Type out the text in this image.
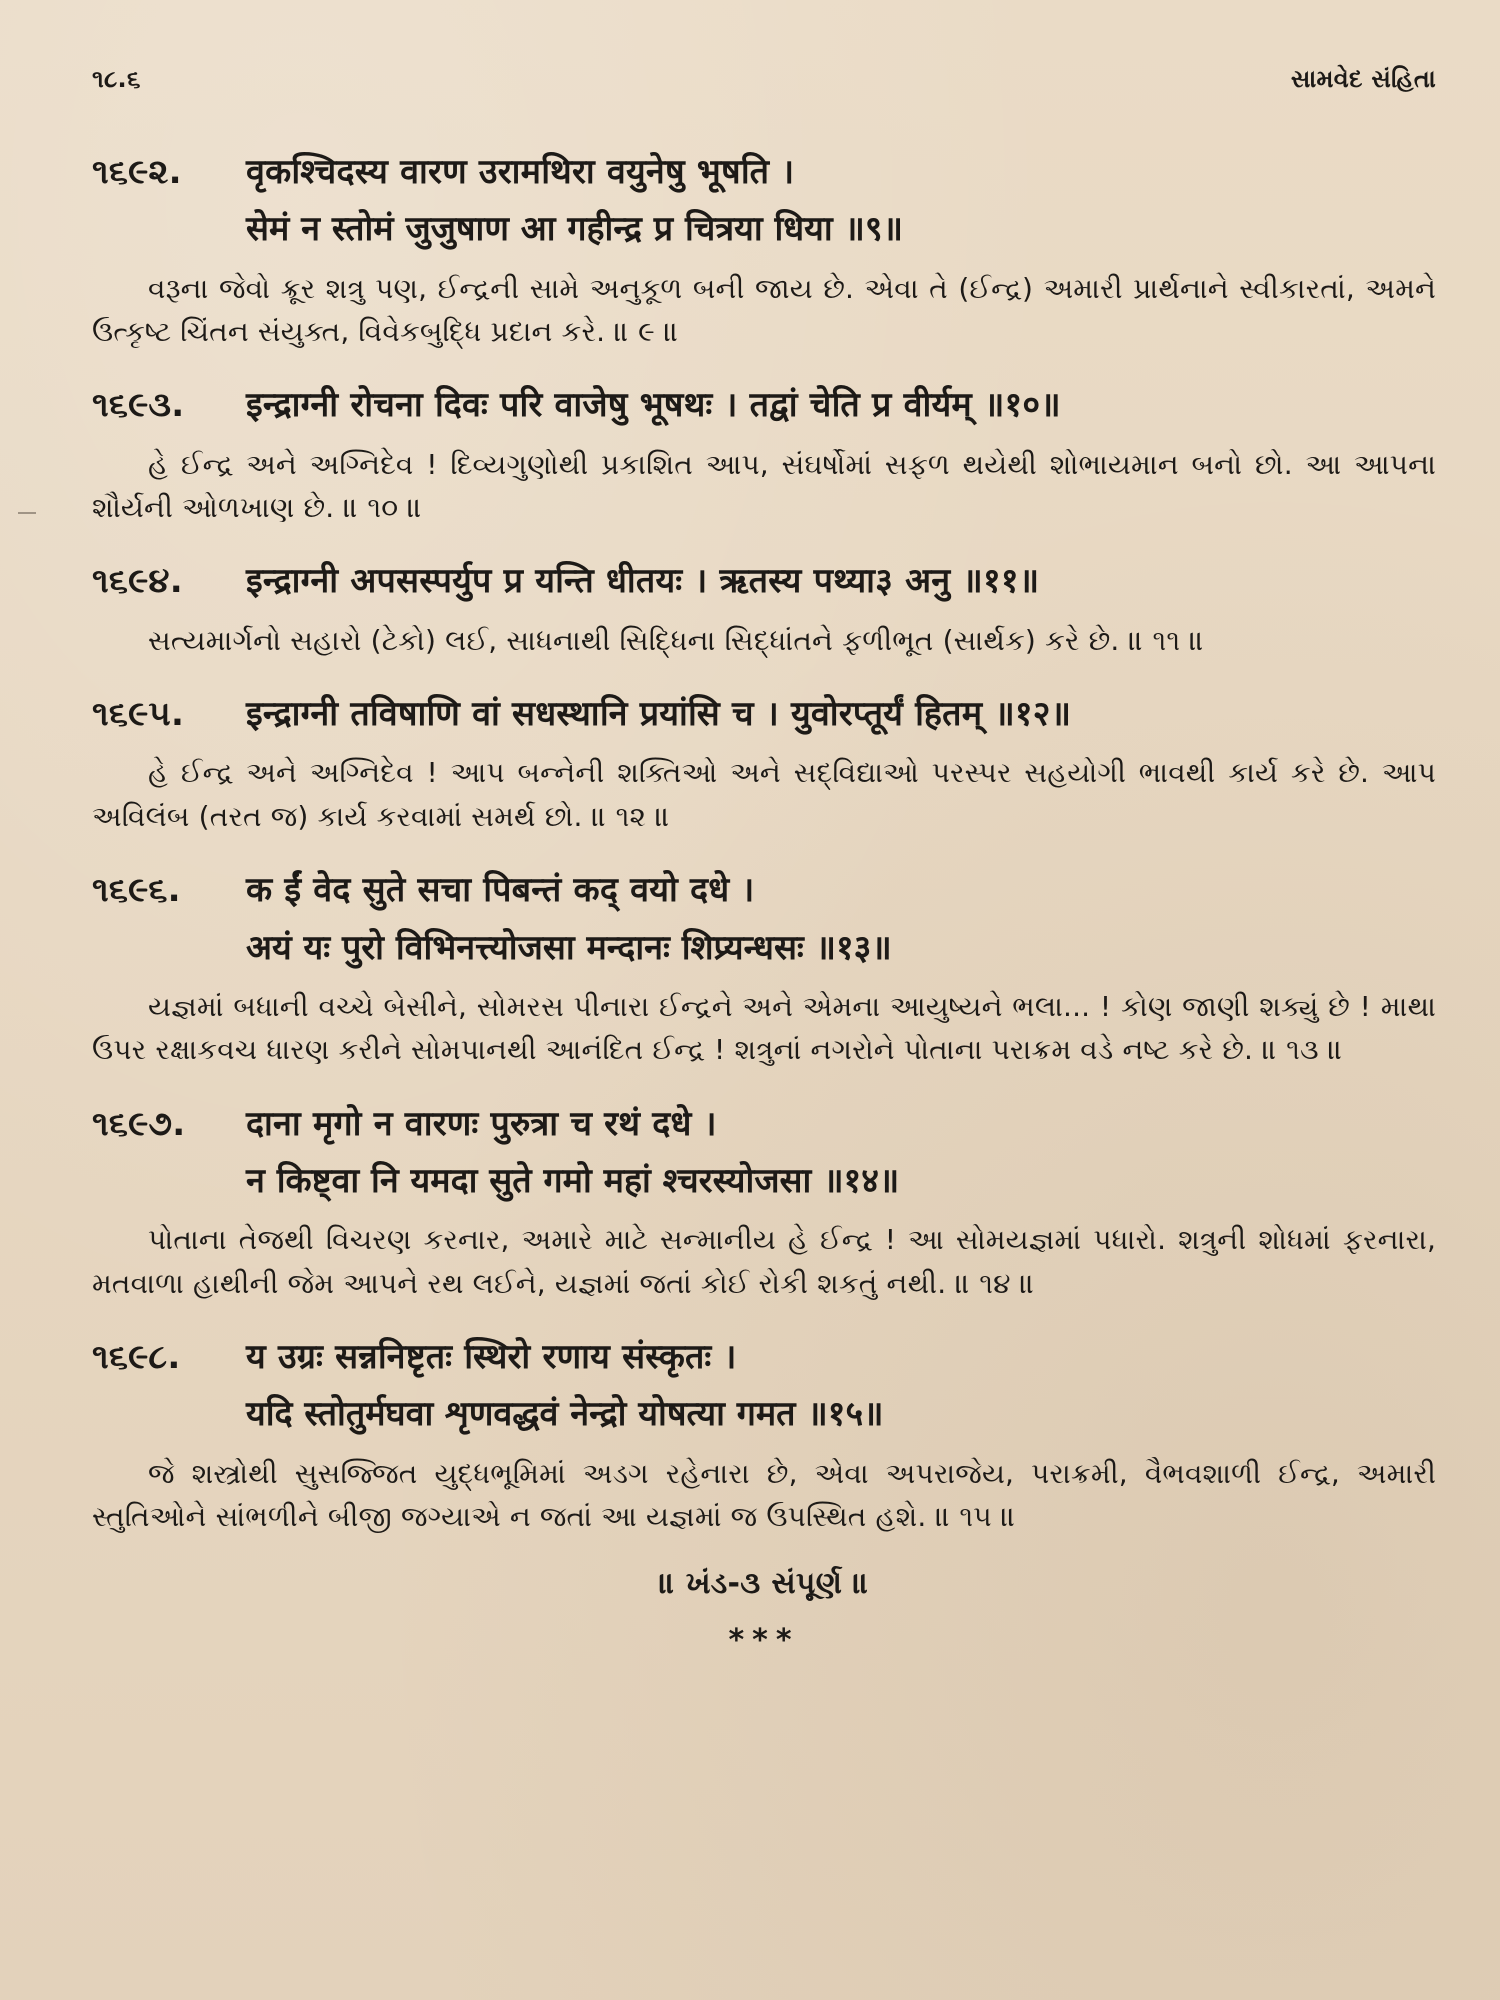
૧૮.૬	સામવેદ સંહિતા
૧૬૯૨.	वृकश्चिदस्य वारण उरामथिरा वयुनेषु भूषति ।
सेमं न स्तोमं जुजुषाण आ गहीन्द्र प्र चित्रया धिया ॥९॥
વરૂના જેવો ક્રૂર શત્રુ પણ, ઈન્દ્રની સામે અનુકૂળ બની જાય છે. એવા તે (ઈન્દ્ર) અમારી પ્રાર્થનાને સ્વીકારતાં, અમને ઉત્કૃષ્ટ ચિંતન સંયુક્ત, વિવેકબુદ્ધિ પ્રદાન કરે. ॥ ૯ ॥
૧૬૯૩.	इन्द्राग्नी रोचना दिवः परि वाजेषु भूषथः । तद्वां चेति प्र वीर्यम् ॥१०॥
હે ઈન્દ્ર અને અગ્નિદેવ ! દિવ્યગુણોથી પ્રકાશિત આપ, સંઘર્ષોમાં સફળ થયેથી શોભાયમાન બનો છો. આ આપના શૌર્યની ઓળખાણ છે. ॥ ૧૦ ॥
૧૬૯૪.	इन्द्राग्नी अपसस्पर्युप प्र यन्ति धीतयः । ऋतस्य पथ्या३ अनु ॥११॥
સત્યમાર્ગનો સહારો (ટેકો) લઈ, સાધનાથી સિદ્ધિના સિદ્ધાંતને ફળીભૂત (સાર્થક) કરે છે. ॥ ૧૧ ॥
૧૬૯૫.	इन्द्राग्नी तविषाणि वां सधस्थानि प्रयांसि च । युवोरप्तूर्यं हितम् ॥१२॥
હે ઈન્દ્ર અને અગ્નિદેવ ! આપ બન્નેની શક્તિઓ અને સદ્‌વિદ્યાઓ પરસ્પર સહયોગી ભાવથી કાર્ય કરે છે. આપ અવિલંબ (તરત જ) કાર્ય કરવામાં સમર્થ છો. ॥ ૧૨ ॥
૧૬૯૬.	क ईं वेद सुते सचा पिबन्तं कद् वयो दधे ।
अयं यः पुरो विभिनत्त्योजसा मन्दानः शिप्र्यन्धसः ॥१३॥
યજ્ઞમાં બધાની વચ્ચે બેસીને, સોમરસ પીનારા ઈન્દ્રને અને એમના આયુષ્યને ભલા... ! કોણ જાણી શક્યું છે ! માથા ઉપર રક્ષાકવચ ધારણ કરીને સોમપાનથી આનંદિત ઈન્દ્ર ! શત્રુનાં નગરોને પોતાના પરાક્રમ વડે નષ્ટ કરે છે. ॥ ૧૩ ॥
૧૬૯૭.	दाना मृगो न वारणः पुरुत्रा च रथं दधे ।
न किष्ट्वा नि यमदा सुते गमो महां श्चरस्योजसा ॥१४॥
પોતાના તેજથી વિચરણ કરનાર, અમારે માટે સન્માનીય હે ઈન્દ્ર ! આ સોમયજ્ઞમાં પધારો. શત્રુની શોધમાં ફરનારા, મતવાળા હાથીની જેમ આપને રથ લઈને, યજ્ઞમાં જતાં કોઈ રોકી શકતું નથી. ॥ ૧૪ ॥
૧૬૯૮.	य उग्रः सन्ननिष्टृतः स्थिरो रणाय संस्कृतः ।
यदि स्तोतुर्मघवा शृणवद्धवं नेन्द्रो योषत्या गमत ॥१५॥
જે શસ્ત્રોથી સુસજ્જિત યુદ્ધભૂમિમાં અડગ રહેનારા છે, એવા અપરાજેય, પરાક્રમી, વૈભવશાળી ઈન્દ્ર, અમારી સ્તુતિઓને સાંભળીને બીજી જગ્યાએ ન જતાં આ યજ્ઞમાં જ ઉપસ્થિત હશે. ॥ ૧૫ ॥
॥ ખંડ-૩ સંપૂર્ણ ॥
***
